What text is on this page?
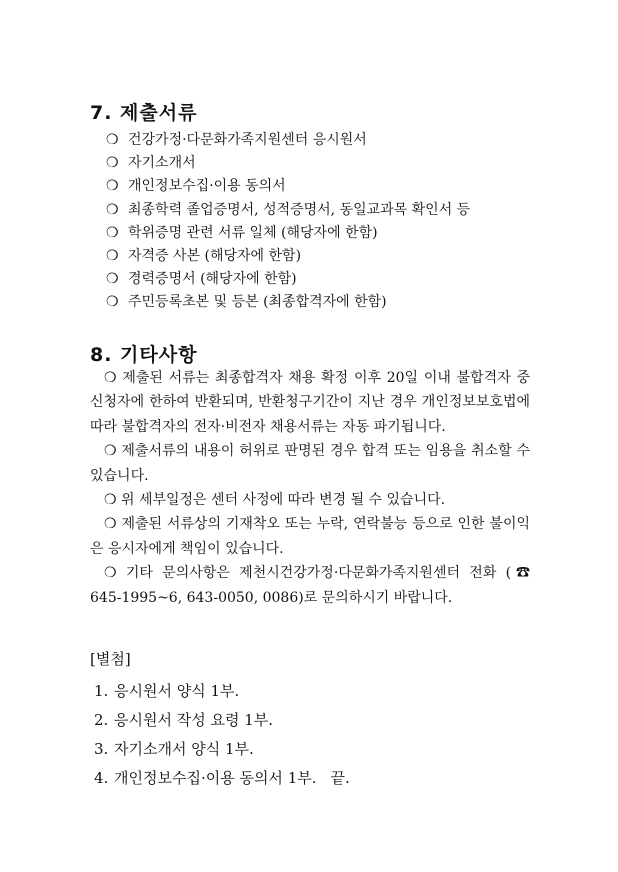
7. 제출서류
❍ 건강가정·다문화가족지원센터 응시원서
❍ 자기소개서
❍ 개인정보수집·이용 동의서
❍ 최종학력 졸업증명서, 성적증명서, 동일교과목 확인서 등
❍ 학위증명 관련 서류 일체 (해당자에 한함)
❍ 자격증 사본 (해당자에 한함)
❍ 경력증명서 (해당자에 한함)
❍ 주민등록초본 및 등본 (최종합격자에 한함)
8. 기타사항

❍ 제출된 서류는 최종합격자 채용 확정 이후 20일 이내 불합격자 중 신청자에 한하여 반환되며, 반환청구기간이 지난 경우 개인정보보호법에 따라 불합격자의 전자·비전자 채용서류는 자동 파기됩니다.

❍ 제출서류의 내용이 허위로 판명된 경우 합격 또는 임용을 취소할 수 있습니다.

❍ 위 세부일정은 센터 사정에 따라 변경 될 수 있습니다.

❍ 제출된 서류상의 기재착오 또는 누락, 연락불능 등으로 인한 불이익은 응시자에게 책임이 있습니다.

❍ 기타 문의사항은 제천시건강가정·다문화가족지원센터 전화 (☎ 645-1995~6, 643-0050, 0086)로 문의하시기 바랍니다.

[별첨]
1. 응시원서 양식 1부.
2. 응시원서 작성 요령 1부.
3. 자기소개서 양식 1부.
4. 개인정보수집·이용 동의서 1부. 끝.
